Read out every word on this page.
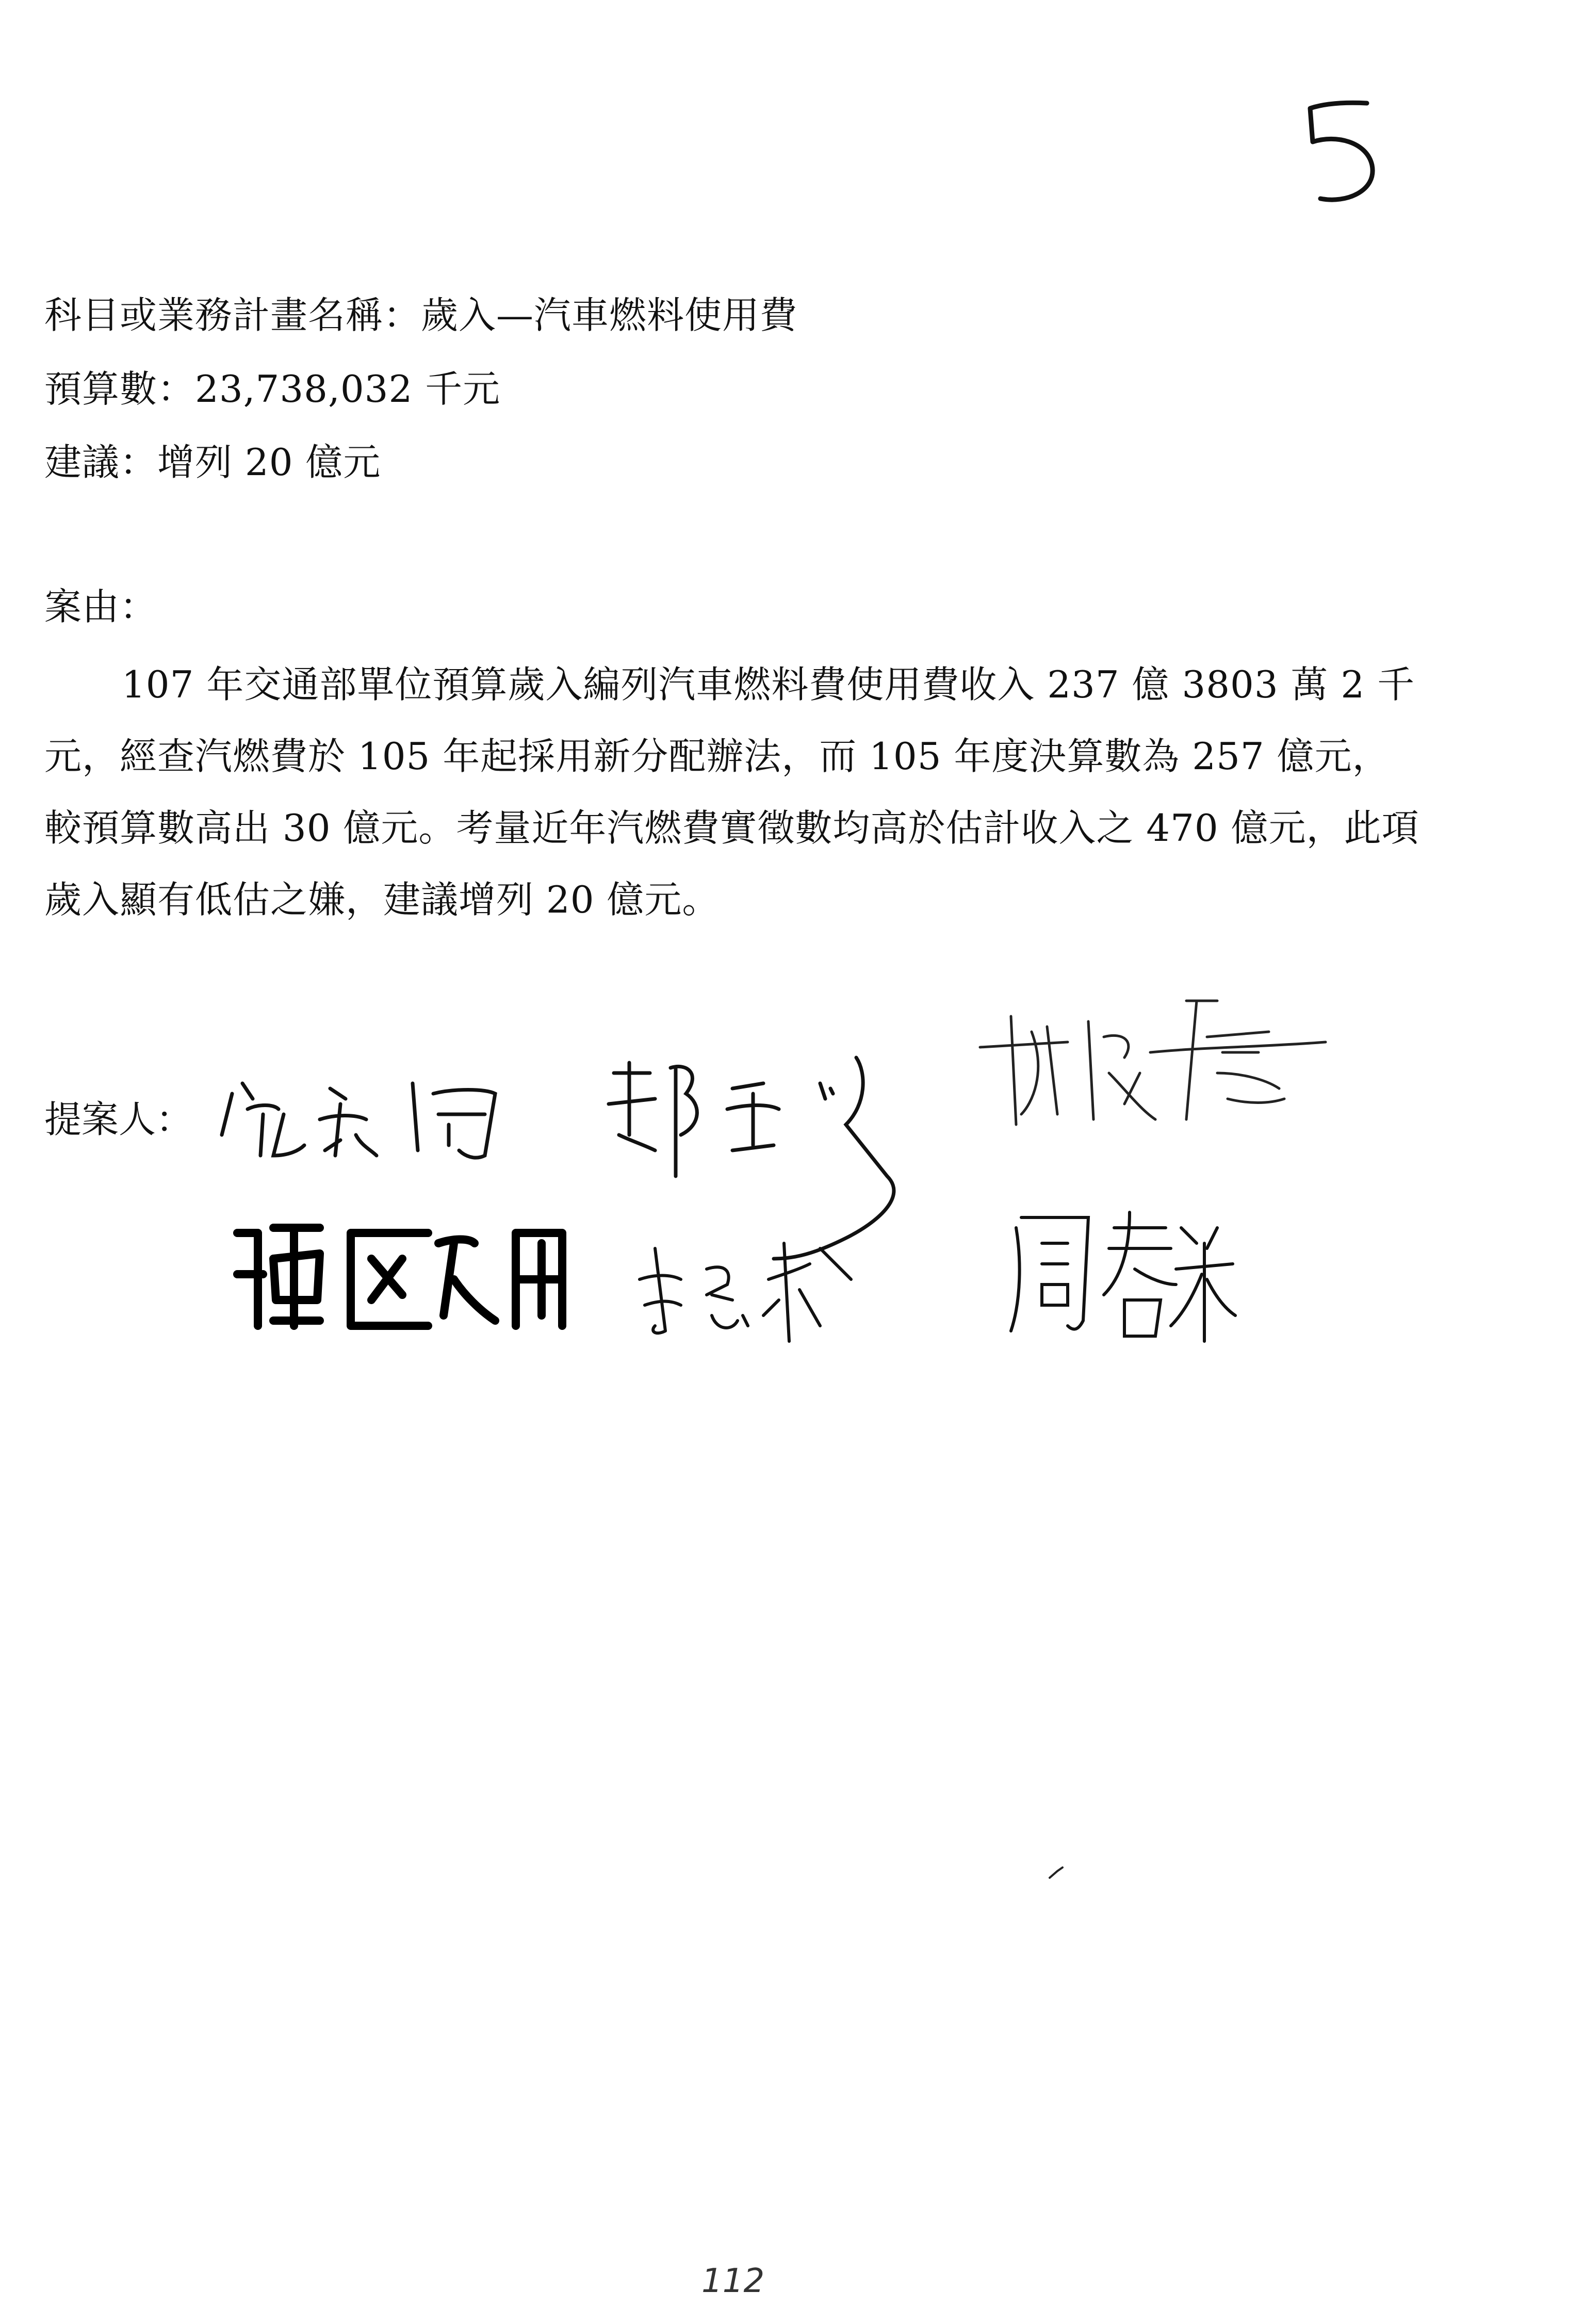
科目或業務計畫名稱：歲入—汽車燃料使用費
預算數：23,738,032 千元
建議：增列 20 億元
案由：
107 年交通部單位預算歲入編列汽車燃料費使用費收入 237 億 3803 萬 2 千元，經查汽燃費於 105 年起採用新分配辦法，而 105 年度決算數為 257 億元，較預算數高出 30 億元。考量近年汽燃費實徵數均高於估計收入之 470 億元，此項歲入顯有低估之嫌，建議增列 20 億元。
提案人：
112
